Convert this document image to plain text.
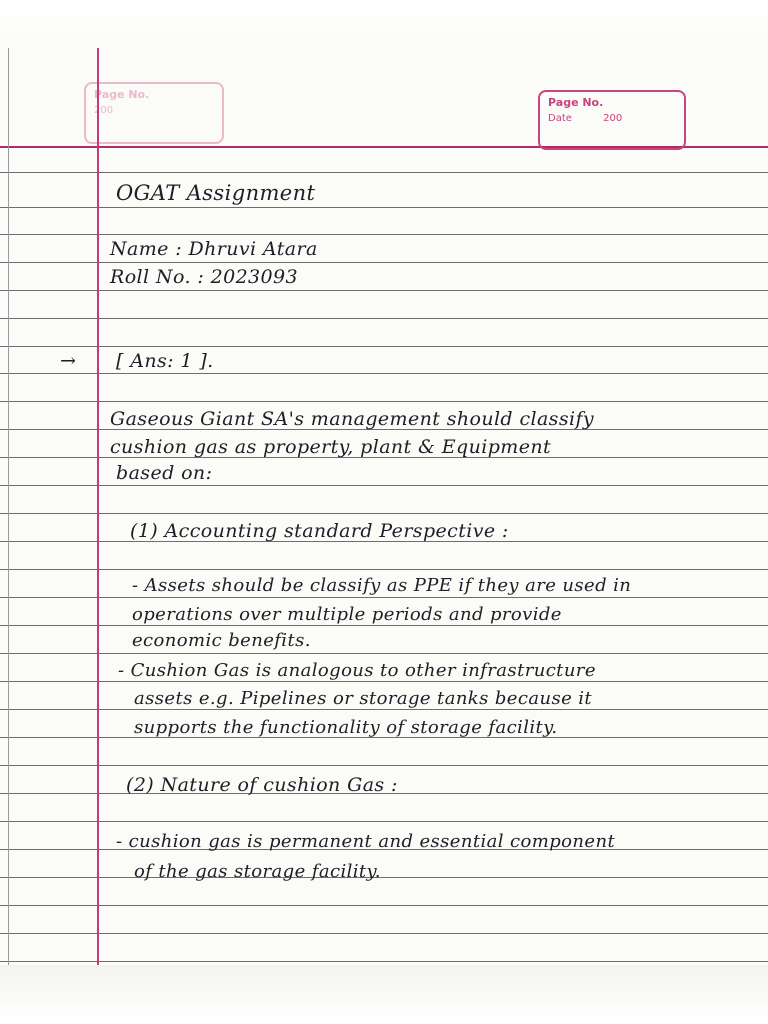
Page No.
200
Page No.
Date	200
OGAT Assignment
Name : Dhruvi Atara
Roll No. : 2023093
→ [ Ans: 1 ].
Gaseous Giant SA's management should classify
cushion gas as property, plant & Equipment
based on:
(1) Accounting standard Perspective :
- Assets should be classify as PPE if they are used in
operations over multiple periods and provide
economic benefits.
- Cushion Gas is analogous to other infrastructure
assets e.g. Pipelines or storage tanks because it
supports the functionality of storage facility.
(2) Nature of cushion Gas :
- cushion gas is permanent and essential component
of the gas storage facility.
